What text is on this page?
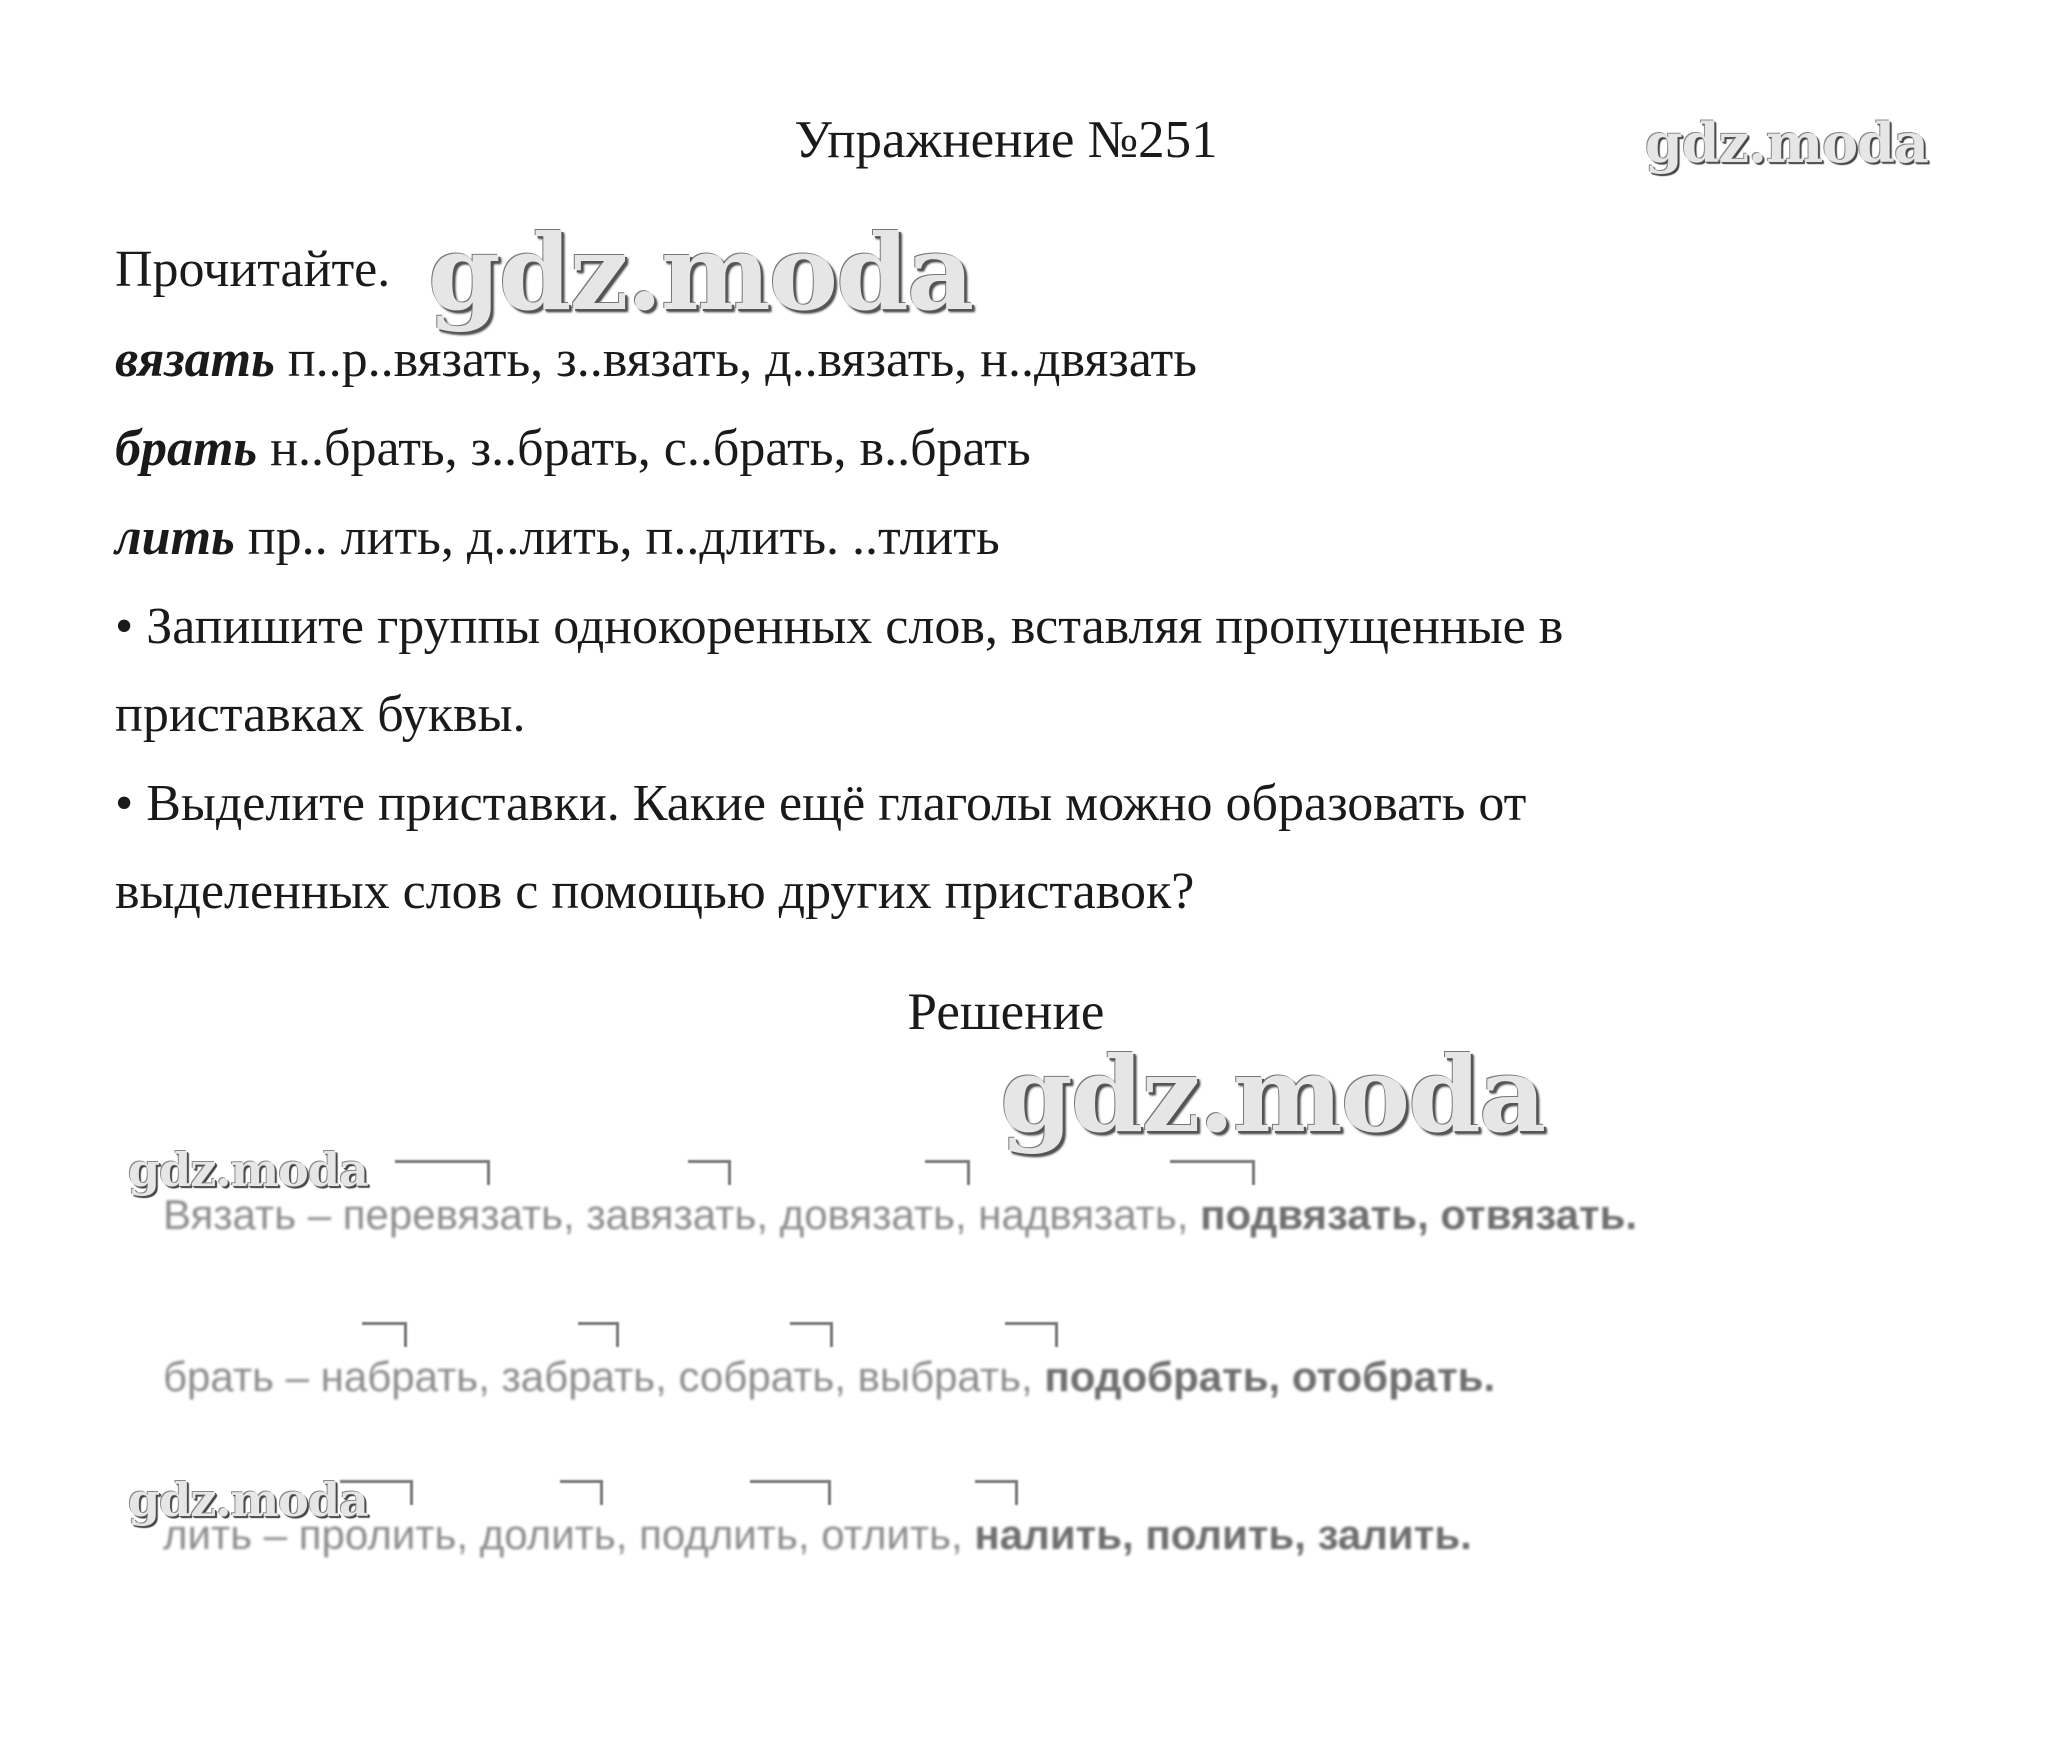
Упражнение №251	gdz.moda
Прочитайте. gdz.moda
вязать п..р..вязать, з..вязать, д..вязать, н..двязать
брать н..брать, з..брать, с..брать, в..брать
лить пр.. лить, д..лить, п..длить. ..тлить
• Запишите группы однокоренных слов, вставляя пропущенные в
приставках буквы.
• Выделите приставки. Какие ещё глаголы можно образовать от
выделенных слов с помощью других приставок?
Решение
gdz.moda
gdz.moda
gdz.moda
Вязать – перевязать, завязать, довязать, надвязать, подвязать, отвязать.
брать – набрать, забрать, собрать, выбрать, подобрать, отобрать.
лить – пролить, долить, подлить, отлить, налить, полить, залить.
